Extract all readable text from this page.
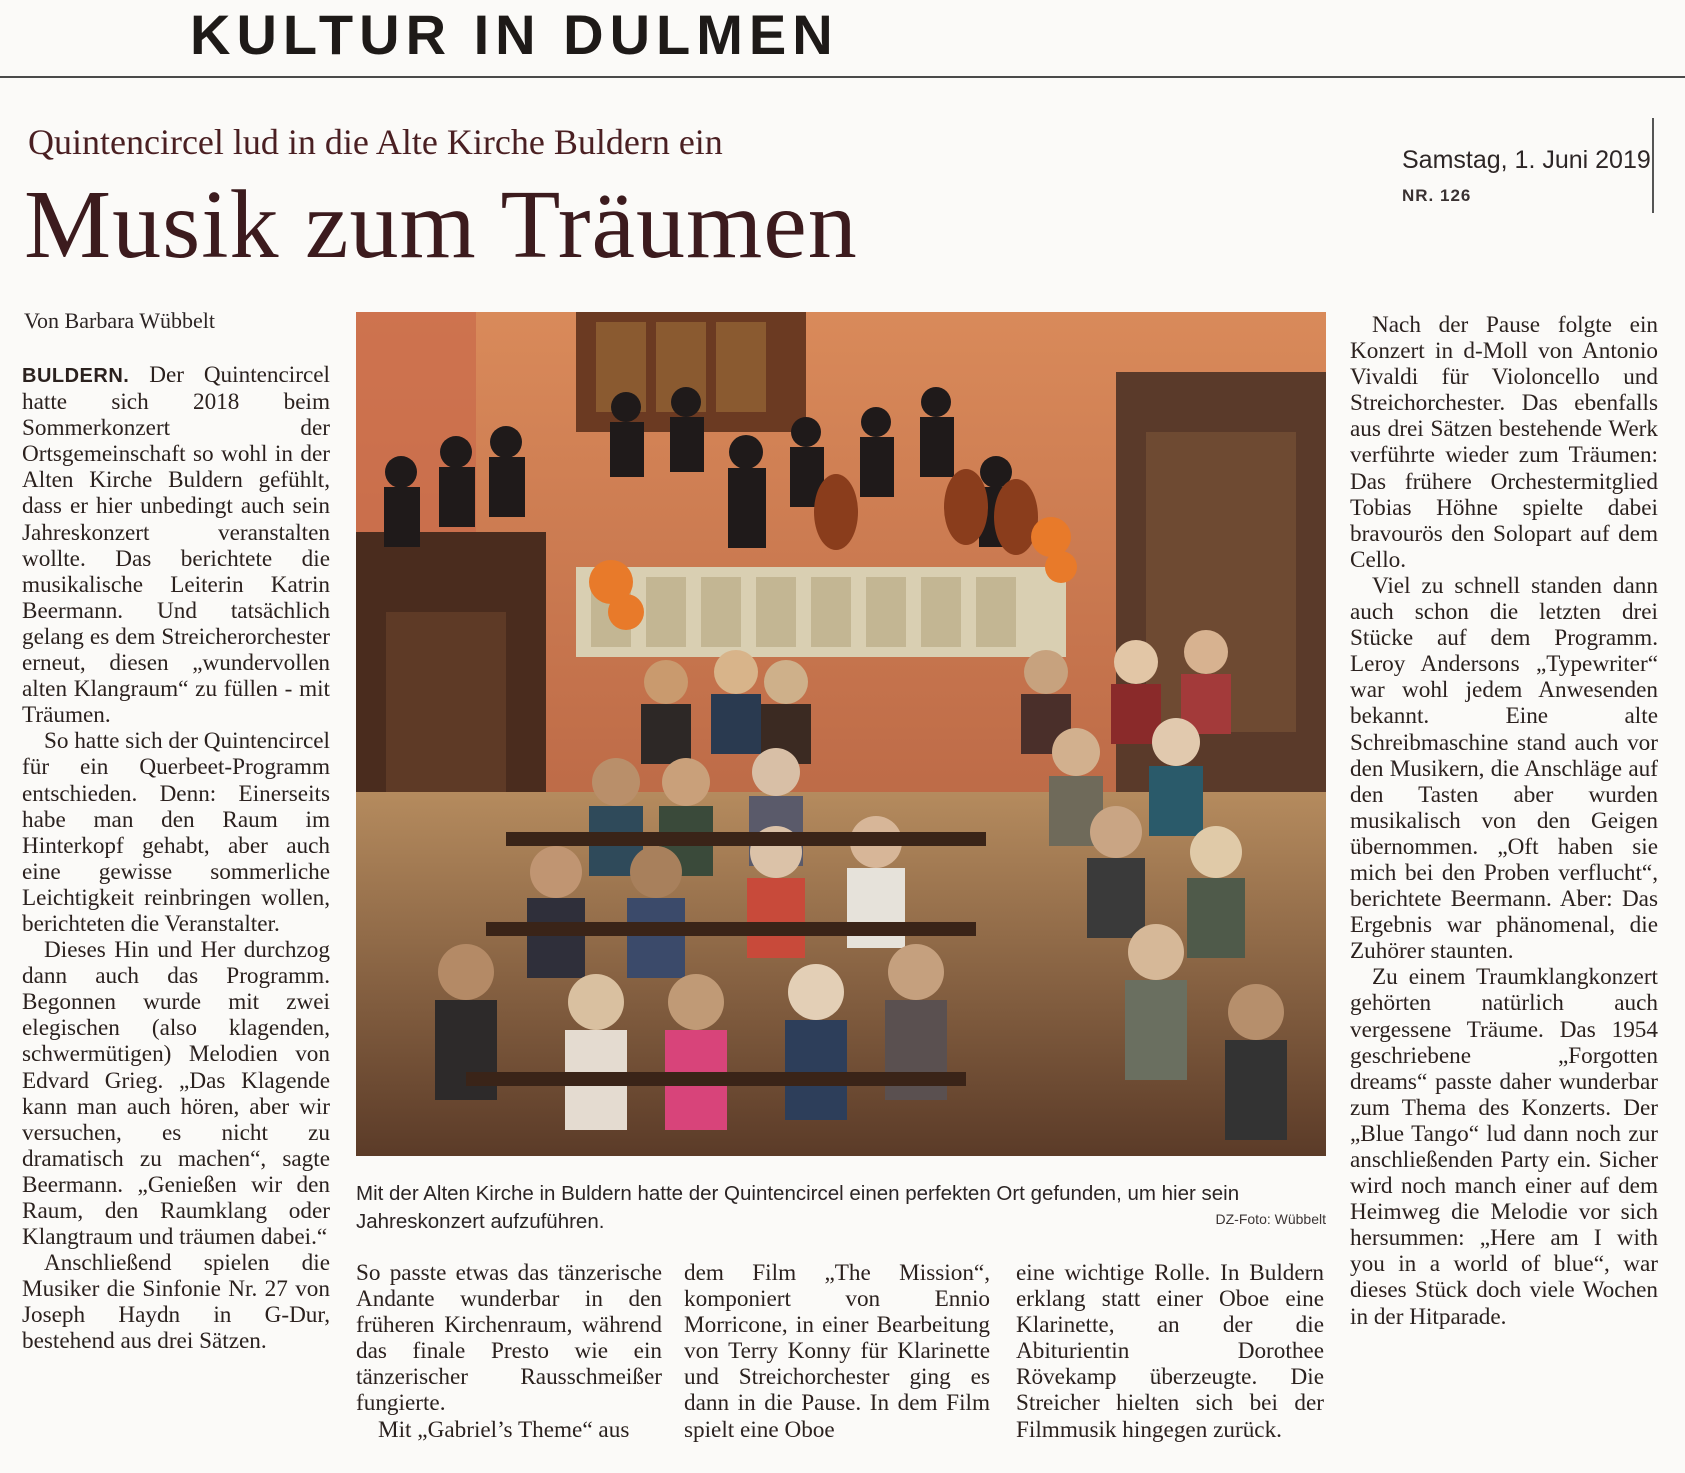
KULTUR IN DULMEN
Quintencircel lud in die Alte Kirche Buldern ein
Musik zum Träumen
Samstag, 1. Juni 2019
NR. 126
Von Barbara Wübbelt

BULDERN. Der Quintencircel hatte sich 2018 beim Sommerkonzert der Ortsgemeinschaft so wohl in der Alten Kirche Buldern gefühlt, dass er hier unbedingt auch sein Jahreskonzert veranstalten wollte. Das berichtete die musikalische Leiterin Katrin Beermann. Und tatsächlich gelang es dem Streicherorchester erneut, diesen „wundervollen alten Klangraum“ zu füllen - mit Träumen.

So hatte sich der Quintencircel für ein Querbeet-Programm entschieden. Denn: Einerseits habe man den Raum im Hinterkopf gehabt, aber auch eine gewisse sommerliche Leichtigkeit reinbringen wollen, berichteten die Veranstalter.

Dieses Hin und Her durchzog dann auch das Programm. Begonnen wurde mit zwei elegischen (also klagenden, schwermütigen) Melodien von Edvard Grieg. „Das Klagende kann man auch hören, aber wir versuchen, es nicht zu dramatisch zu machen“, sagte Beermann. „Genießen wir den Raum, den Raumklang oder Klangtraum und träumen dabei.“

Anschließend spielen die Musiker die Sinfonie Nr. 27 von Joseph Haydn in G-Dur, bestehend aus drei Sätzen.

Mit der Alten Kirche in Buldern hatte der Quintencircel einen perfekten Ort gefunden, um hier sein Jahreskonzert aufzuführen.	DZ-Foto: Wübbelt

So passte etwas das tänzerische Andante wunderbar in den früheren Kirchenraum, während das finale Presto wie ein tänzerischer Rausschmeißer fungierte.

Mit „Gabriel’s Theme“ aus

dem Film „The Mission“, komponiert von Ennio Morricone, in einer Bearbeitung von Terry Konny für Klarinette und Streichorchester ging es dann in die Pause. In dem Film spielt eine Oboe

eine wichtige Rolle. In Buldern erklang statt einer Oboe eine Klarinette, an der die Abiturientin Dorothee Rövekamp überzeugte. Die Streicher hielten sich bei der Filmmusik hingegen zurück.

Nach der Pause folgte ein Konzert in d-Moll von Antonio Vivaldi für Violoncello und Streichorchester. Das ebenfalls aus drei Sätzen bestehende Werk verführte wieder zum Träumen: Das frühere Orchestermitglied Tobias Höhne spielte dabei bravourös den Solopart auf dem Cello.

Viel zu schnell standen dann auch schon die letzten drei Stücke auf dem Programm. Leroy Andersons „Typewriter“ war wohl jedem Anwesenden bekannt. Eine alte Schreibmaschine stand auch vor den Musikern, die Anschläge auf den Tasten aber wurden musikalisch von den Geigen übernommen. „Oft haben sie mich bei den Proben verflucht“, berichtete Beermann. Aber: Das Ergebnis war phänomenal, die Zuhörer staunten.

Zu einem Traumklangkonzert gehörten natürlich auch vergessene Träume. Das 1954 geschriebene „Forgotten dreams“ passte daher wunderbar zum Thema des Konzerts. Der „Blue Tango“ lud dann noch zur anschließenden Party ein. Sicher wird noch manch einer auf dem Heimweg die Melodie vor sich hersummen: „Here am I with you in a world of blue“, war dieses Stück doch viele Wochen in der Hitparade.
